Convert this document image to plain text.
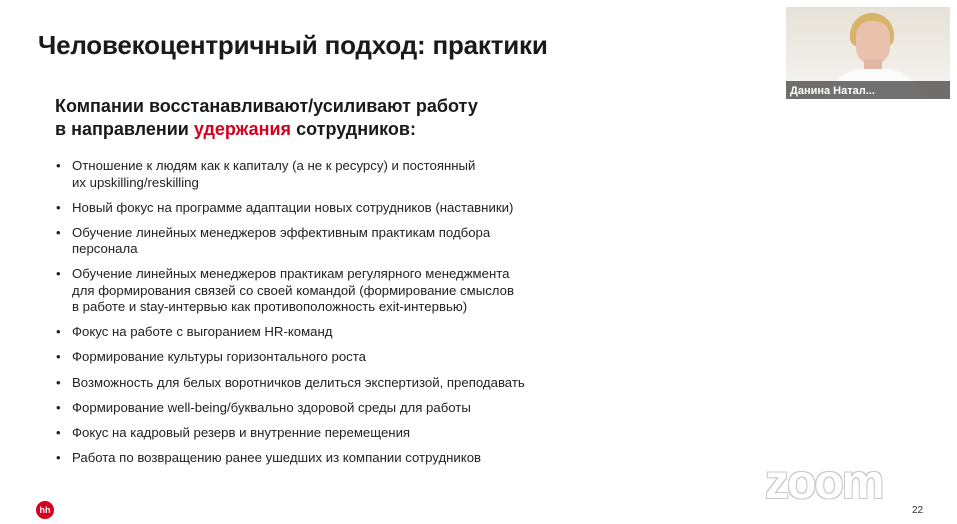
Человекоцентричный подход: практики
Компании восстанавливают/усиливают работу
в направлении удержания сотрудников:
• Отношение к людям как к капиталу (а не к ресурсу) и постоянный
их upskilling/reskilling
• Новый фокус на программе адаптации новых сотрудников (наставники)
• Обучение линейных менеджеров эффективным практикам подбора
персонала
• Обучение линейных менеджеров практикам регулярного менеджмента
для формирования связей со своей командой (формирование смыслов
в работе и stay-интервью как противоположность exit-интервью)
• Фокус на работе с выгоранием HR-команд
• Формирование культуры горизонтального роста
• Возможность для белых воротничков делиться экспертизой, преподавать
• Формирование well-being/буквально здоровой среды для работы
• Фокус на кадровый резерв и внутренние перемещения
• Работа по возвращению ранее ушедших из компании сотрудников
Данина Натал...
zoom
22
hh
